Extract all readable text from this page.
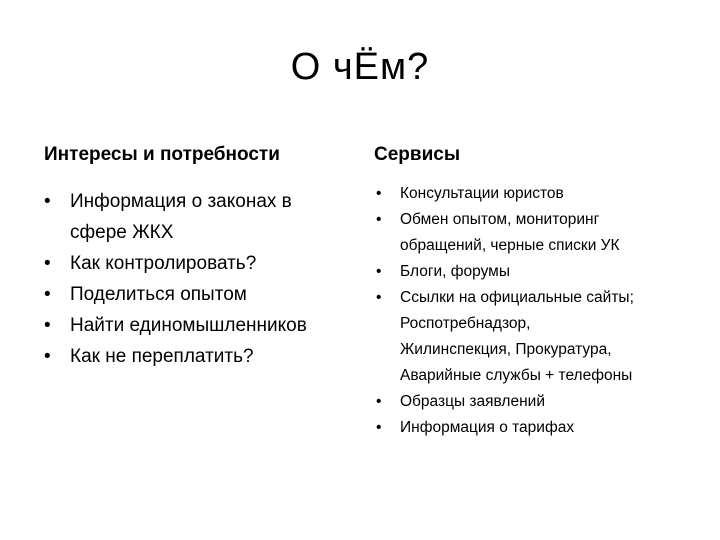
О чЁм?
Интересы и потребности
• Информация о законах в
сфере ЖКХ
• Как контролировать?
• Поделиться опытом
• Найти единомышленников
• Как не переплатить?
Сервисы
• Консультации юристов
• Обмен опытом, мониторинг
обращений, черные списки УК
• Блоги, форумы
• Ссылки на официальные сайты;
Роспотребнадзор,
Жилинспекция, Прокуратура,
Аварийные службы + телефоны
• Образцы заявлений
• Информация о тарифах
